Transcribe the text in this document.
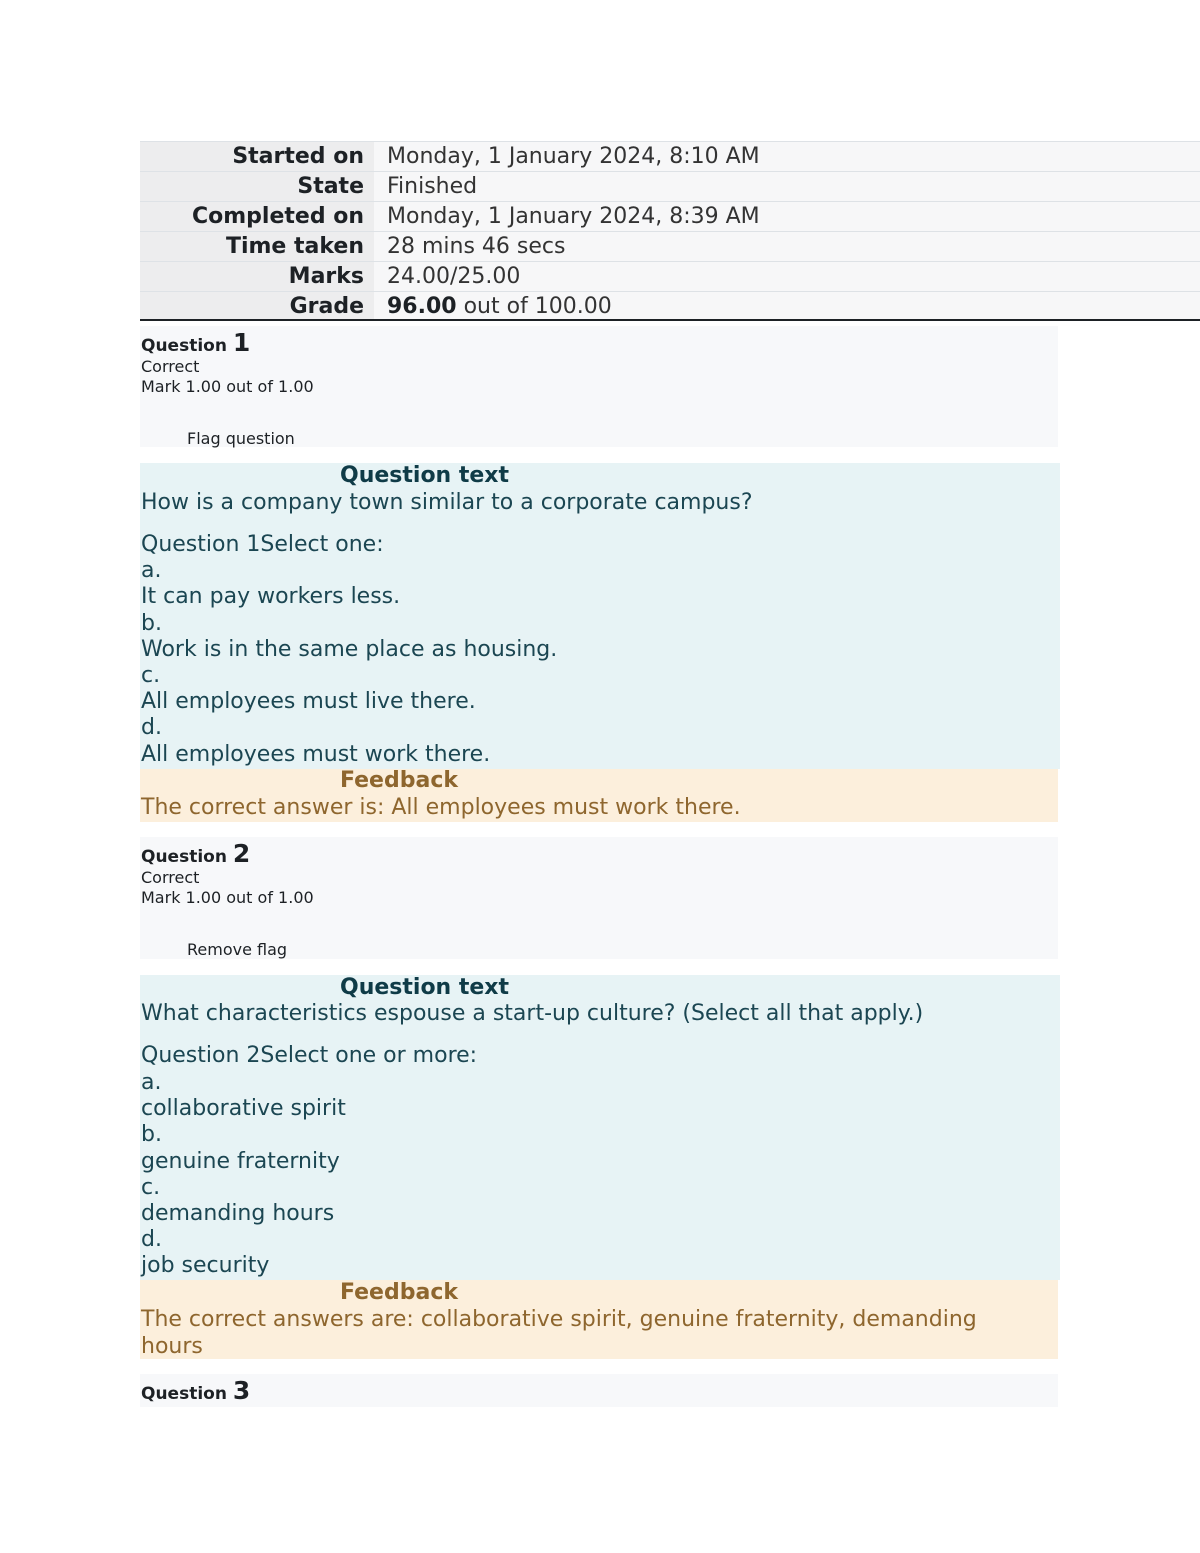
Started on	Monday, 1 January 2024, 8:10 AM
State	Finished
Completed on	Monday, 1 January 2024, 8:39 AM
Time taken	28 mins 46 secs
Marks	24.00/25.00
Grade	96.00 out of 100.00
Question 1
Correct
Mark 1.00 out of 1.00
Flag question
Question text
How is a company town similar to a corporate campus?
Question 1Select one:
a.
It can pay workers less.
b.
Work is in the same place as housing.
c.
All employees must live there.
d.
All employees must work there.
Feedback
The correct answer is: All employees must work there.
Question 2
Correct
Mark 1.00 out of 1.00
Remove flag
Question text
What characteristics espouse a start-up culture? (Select all that apply.)
Question 2Select one or more:
a.
collaborative spirit
b.
genuine fraternity
c.
demanding hours
d.
job security
Feedback
The correct answers are: collaborative spirit, genuine fraternity, demanding hours
Question 3
